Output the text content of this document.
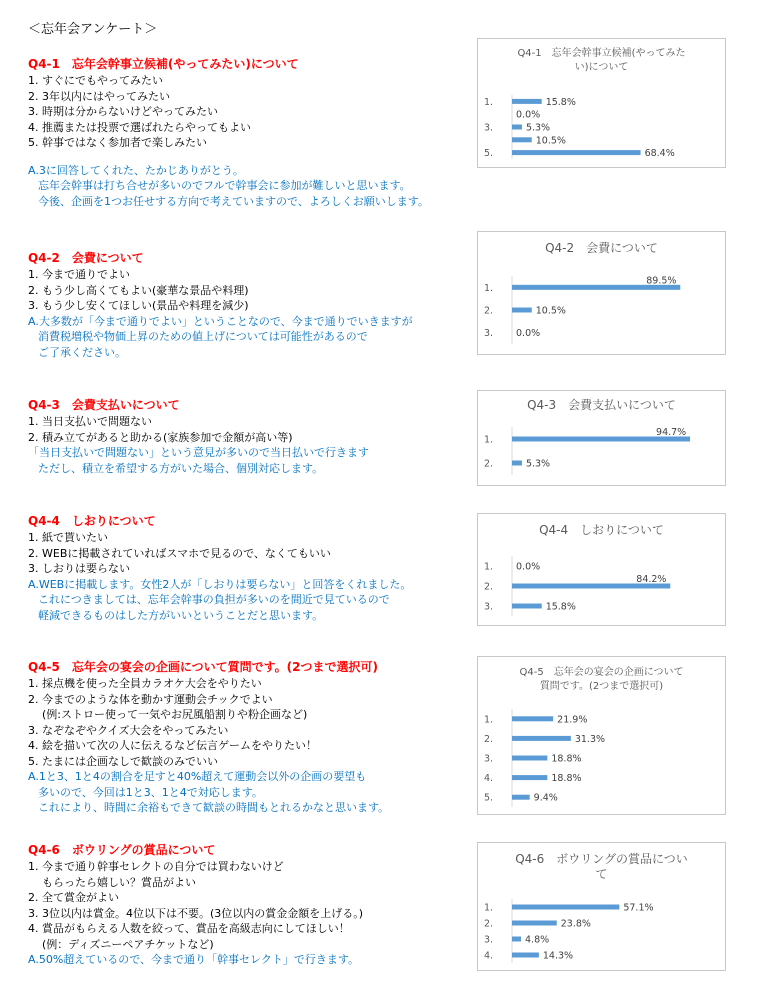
＜忘年会アンケート＞
Q4-1　忘年会幹事立候補(やってみたい)について
1. すぐにでもやってみたい
2. 3年以内にはやってみたい
3. 時期は分からないけどやってみたい
4. 推薦または投票で選ばれたらやってもよい
5. 幹事ではなく参加者で楽しみたい
A.3に回答してくれた、たかじありがとう。
忘年会幹事は打ち合せが多いのでフルで幹事会に参加が難しいと思います。
今後、企画を1つお任せする方向で考えていますので、よろしくお願いします。
Q4-2　会費について
1. 今まで通りでよい
2. もう少し高くてもよい(豪華な景品や料理)
3. もう少し安くてほしい(景品や料理を減少)
A.大多数が「今まで通りでよい」ということなので、今まで通りでいきますが
消費税増税や物価上昇のための値上げについては可能性があるので
ご了承ください。
Q4-3　会費支払いについて
1. 当日支払いで問題ない
2. 積み立てがあると助かる(家族参加で金額が高い等)
「当日支払いで問題ない」という意見が多いので当日払いで行きます
ただし、積立を希望する方がいた場合、個別対応します。
Q4-4　しおりについて
1. 紙で貰いたい
2. WEBに掲載されていればスマホで見るので、なくてもいい
3. しおりは要らない
A.WEBに掲載します。女性2人が「しおりは要らない」と回答をくれました。
これにつきましては、忘年会幹事の負担が多いのを間近で見ているので
軽減できるものはした方がいいということだと思います。
Q4-5　忘年会の宴会の企画について質問です。(2つまで選択可)
1. 採点機を使った全員カラオケ大会をやりたい
2. 今までのような体を動かす運動会チックでよい
(例:ストロー使って一気やお尻風船割りや粉企画など)
3. なぞなぞやクイズ大会をやってみたい
4. 絵を描いて次の人に伝えるなど伝言ゲームをやりたい！
5. たまには企画なしで歓談のみでいい
A.1と3、1と4の割合を足すと40%超えて運動会以外の企画の要望も
多いので、今回は1と3、1と4で対応します。
これにより、時間に余裕もできて歓談の時間もとれるかなと思います。
Q4-6　ボウリングの賞品について
1. 今まで通り幹事セレクトの自分では買わないけど
もらったら嬉しい？賞品がよい
2. 全て賞金がよい
3. 3位以内は賞金。4位以下は不要。(3位以内の賞金金額を上げる。)
4. 賞品がもらえる人数を絞って、賞品を高級志向にしてほしい！
(例：ディズニーペアチケットなど)
A.50%超えているので、今まで通り「幹事セレクト」で行きます。
Q4-1　忘年会幹事立候補(やってみた
い)について
1.	15.8%
0.0%
3.	5.3%
10.5%
5.	68.4%
Q4-2　会費について
1.
89.5%
2.	10.5%
3. 0.0%
Q4-3　会費支払いについて
1.
94.7%
2.	5.3%
Q4-4　しおりについて
1. 0.0%
2.
84.2%
3.	15.8%
Q4-5　忘年会の宴会の企画について
質問です。(2つまで選択可)
1.	21.9%
2.	31.3%
3.	18.8%
4.	18.8%
5.	9.4%
Q4-6　ボウリングの賞品につい
て
1.	57.1%
2.	23.8%
3.	4.8%
4.	14.3%
